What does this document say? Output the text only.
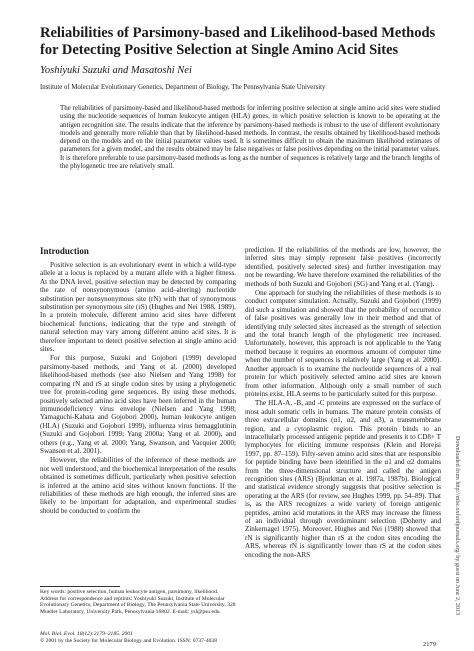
Reliabilities of Parsimony-based and Likelihood-based Methods for Detecting Positive Selection at Single Amino Acid Sites
Yoshiyuki Suzuki and Masatoshi Nei
Institute of Molecular Evolutionary Genetics, Department of Biology, The Pennsylvania State University

The reliabilities of parsimony-based and likelihood-based methods for inferring positive selection at single amino acid sites were studied using the nucleotide sequences of human leukocyte antigen (HLA) genes, in which positive selection is known to be operating at the antigen recognition site. The results indicate that the inference by parsimony-based methods is robust to the use of different evolutionary models and generally more reliable than that by likelihood-based methods. In contrast, the results obtained by likelihood-based methods depend on the models and on the initial parameter values used. It is sometimes difficult to obtain the maximum likelihood estimates of parameters for a given model, and the results obtained may be false negatives or false positives depending on the initial parameter values. It is therefore preferable to use parsimony-based methods as long as the number of sequences is relatively large and the branch lengths of the phylogenetic tree are relatively small.

Introduction

Positive selection is an evolutionary event in which a wild-type allele at a locus is replaced by a mutant allele with a higher fitness. At the DNA level, positive selection may be detected by comparing the rate of nonsynonymous (amino acid–altering) nucleotide substitution per nonsynonymous site (rN) with that of synonymous substitution per synonymous site (rS) (Hughes and Nei 1988, 1989). In a protein molecule, different amino acid sites have different biochemical functions, indicating that the type and strength of natural selection may vary among different amino acid sites. It is therefore important to detect positive selection at single amino acid sites.

For this purpose, Suzuki and Gojobori (1999) developed parsimony-based methods, and Yang et al. (2000) developed likelihood-based methods (see also Nielsen and Yang 1998) for comparing rN and rS at single codon sites by using a phylogenetic tree for protein-coding gene sequences. By using these methods, positively selected amino acid sites have been inferred in the human immunodeficiency virus envelope (Nielsen and Yang 1998; Yamaguchi-Kabata and Gojobori 2000), human leukocyte antigen (HLA) (Suzuki and Gojobori 1999), influenza virus hemagglutinin (Suzuki and Gojobori 1999; Yang 2000a; Yang et al. 2000), and others (e.g., Yang et al. 2000; Yang, Swanson, and Vacquier 2000; Swanson et al. 2001).

However, the reliabilities of the inference of these methods are not well understood, and the biochemical interpretation of the results obtained is sometimes difficult, particularly when positive selection is inferred at the amino acid sites without known functions. If the reliabilities of these methods are high enough, the inferred sites are likely to be important for adaptation, and experimental studies should be conducted to confirm the

prediction. If the reliabilities of the methods are low, however, the inferred sites may simply represent false positives (incorrectly identified, positively selected sites) and further investigation may not be rewarding. We have therefore examined the reliabilities of the methods of both Suzuki and Gojobori (SG) and Yang et al. (Yang).

One approach for studying the reliabilities of these methods is to conduct computer simulation. Actually, Suzuki and Gojobori (1999) did such a simulation and showed that the probability of occurrence of false positives was generally low in their method and that of identifying truly selected sites increased as the strength of selection and the total branch length of the phylogenetic tree increased. Unfortunately, however, this approach is not applicable to the Yang method because it requires an enormous amount of computer time when the number of sequences is relatively large (Yang et al. 2000). Another approach is to examine the nucleotide sequences of a real protein for which positively selected amino acid sites are known from other information. Although only a small number of such proteins exist, HLA seems to be particularly suited for this purpose.

The HLA-A, -B, and -C proteins are expressed on the surface of most adult somatic cells in humans. The mature protein consists of three extracellular domains (α1, α2, and α3), a transmembrane region, and a cytoplasmic region. This protein binds to an intracellularly processed antigenic peptide and presents it to CD8+ T lymphocytes for eliciting immune responses (Klein and Horejsi 1997, pp. 87–159). Fifty-seven amino acid sites that are responsible for peptide binding have been identified in the α1 and α2 domains from the three-dimensional structure and called the antigen recognition sites (ARS) (Bjorkman et al. 1987a, 1987b). Biological and statistical evidence strongly suggests that positive selection is operating at the ARS (for review, see Hughes 1999, pp. 54–89). That is, as the ARS recognizes a wide variety of foreign antigenic peptides, amino acid mutations in the ARS may increase the fitness of an individual through overdominant selection (Doherty and Zinkernagel 1975). Moreover, Hughes and Nei (1988) showed that rN is significantly higher than rS at the codon sites encoding the ARS, whereas rN is significantly lower than rS at the codon sites encoding the non-ARS

Key words: positive selection, human leukocyte antigen, parsimony, likelihood.

Address for correspondence and reprints: Yoshiyuki Suzuki, Institute of Molecular Evolutionary Genetics, Department of Biology, The Pennsylvania State University, 328 Mueller Laboratory, University Park, Pennsylvania 16802. E-mail: ysl@psu.edu.

Mol. Biol. Evol. 18(12):2179–2185. 2001

© 2001 by the Society for Molecular Biology and Evolution. ISSN: 0737-4038

2179
Downloaded from http://mbe.oxfordjournals.org/ by guest on June 2, 2013
